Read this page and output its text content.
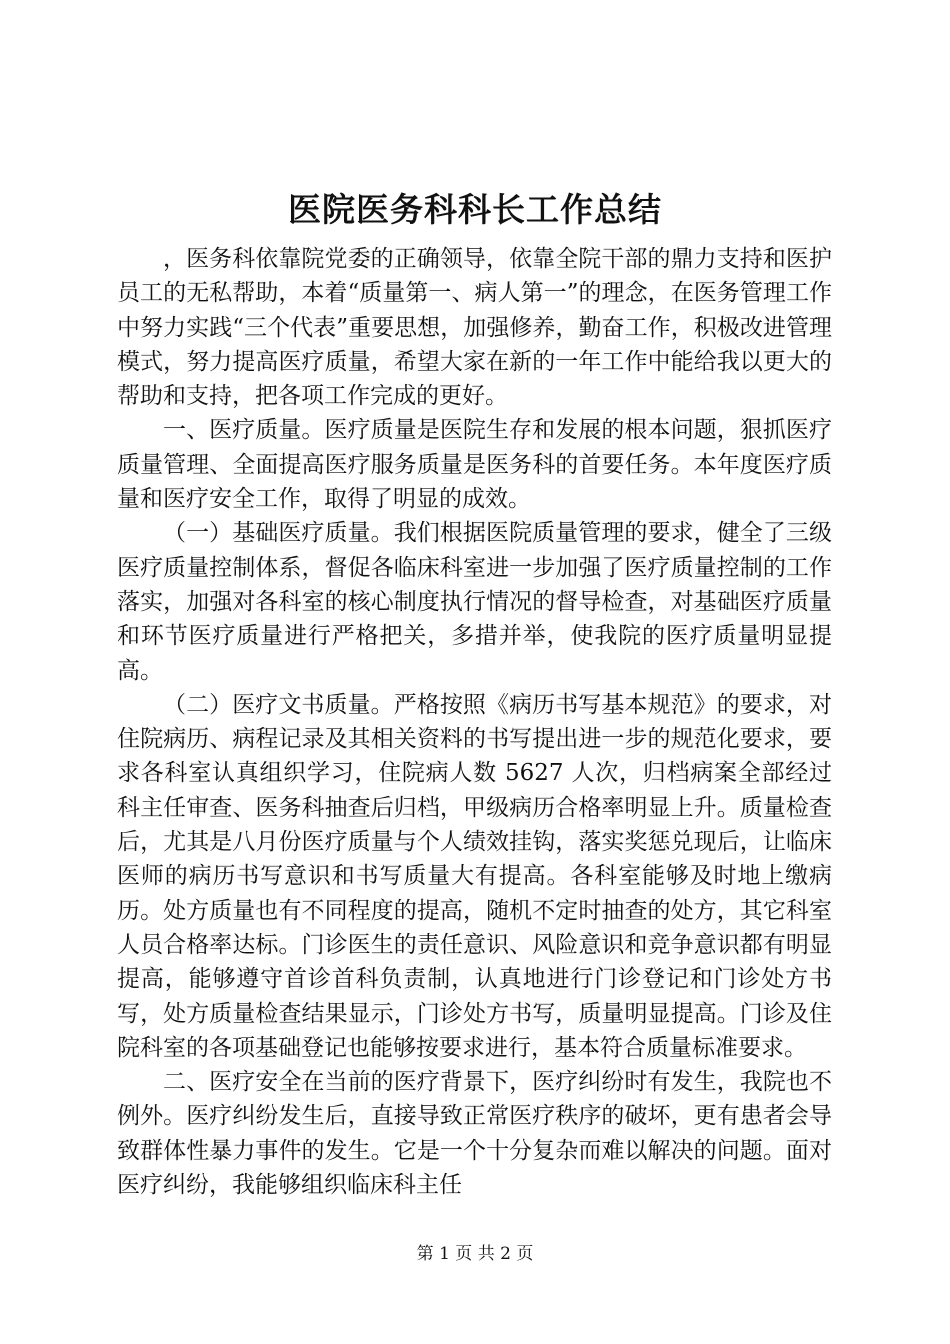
医院医务科科长工作总结

，医务科依靠院党委的正确领导，依靠全院干部的鼎力支持和医护员工的无私帮助，本着“质量第一、病人第一”的理念，在医务管理工作中努力实践“三个代表”重要思想，加强修养，勤奋工作，积极改进管理模式，努力提高医疗质量，希望大家在新的一年工作中能给我以更大的帮助和支持，把各项工作完成的更好。

一、医疗质量。医疗质量是医院生存和发展的根本问题，狠抓医疗质量管理、全面提高医疗服务质量是医务科的首要任务。本年度医疗质量和医疗安全工作，取得了明显的成效。

（一）基础医疗质量。我们根据医院质量管理的要求，健全了三级医疗质量控制体系，督促各临床科室进一步加强了医疗质量控制的工作落实，加强对各科室的核心制度执行情况的督导检查，对基础医疗质量和环节医疗质量进行严格把关，多措并举，使我院的医疗质量明显提高。

（二）医疗文书质量。严格按照《病历书写基本规范》的要求，对住院病历、病程记录及其相关资料的书写提出进一步的规范化要求，要求各科室认真组织学习，住院病人数 5627 人次，归档病案全部经过科主任审查、医务科抽查后归档，甲级病历合格率明显上升。质量检查后，尤其是八月份医疗质量与个人绩效挂钩，落实奖惩兑现后，让临床医师的病历书写意识和书写质量大有提高。各科室能够及时地上缴病历。处方质量也有不同程度的提高，随机不定时抽查的处方，其它科室人员合格率达标。门诊医生的责任意识、风险意识和竞争意识都有明显提高，能够遵守首诊首科负责制，认真地进行门诊登记和门诊处方书写，处方质量检查结果显示，门诊处方书写，质量明显提高。门诊及住院科室的各项基础登记也能够按要求进行，基本符合质量标准要求。

二、医疗安全在当前的医疗背景下，医疗纠纷时有发生，我院也不例外。医疗纠纷发生后，直接导致正常医疗秩序的破坏，更有患者会导致群体性暴力事件的发生。它是一个十分复杂而难以解决的问题。面对医疗纠纷，我能够组织临床科主任

第 1 页 共 2 页
